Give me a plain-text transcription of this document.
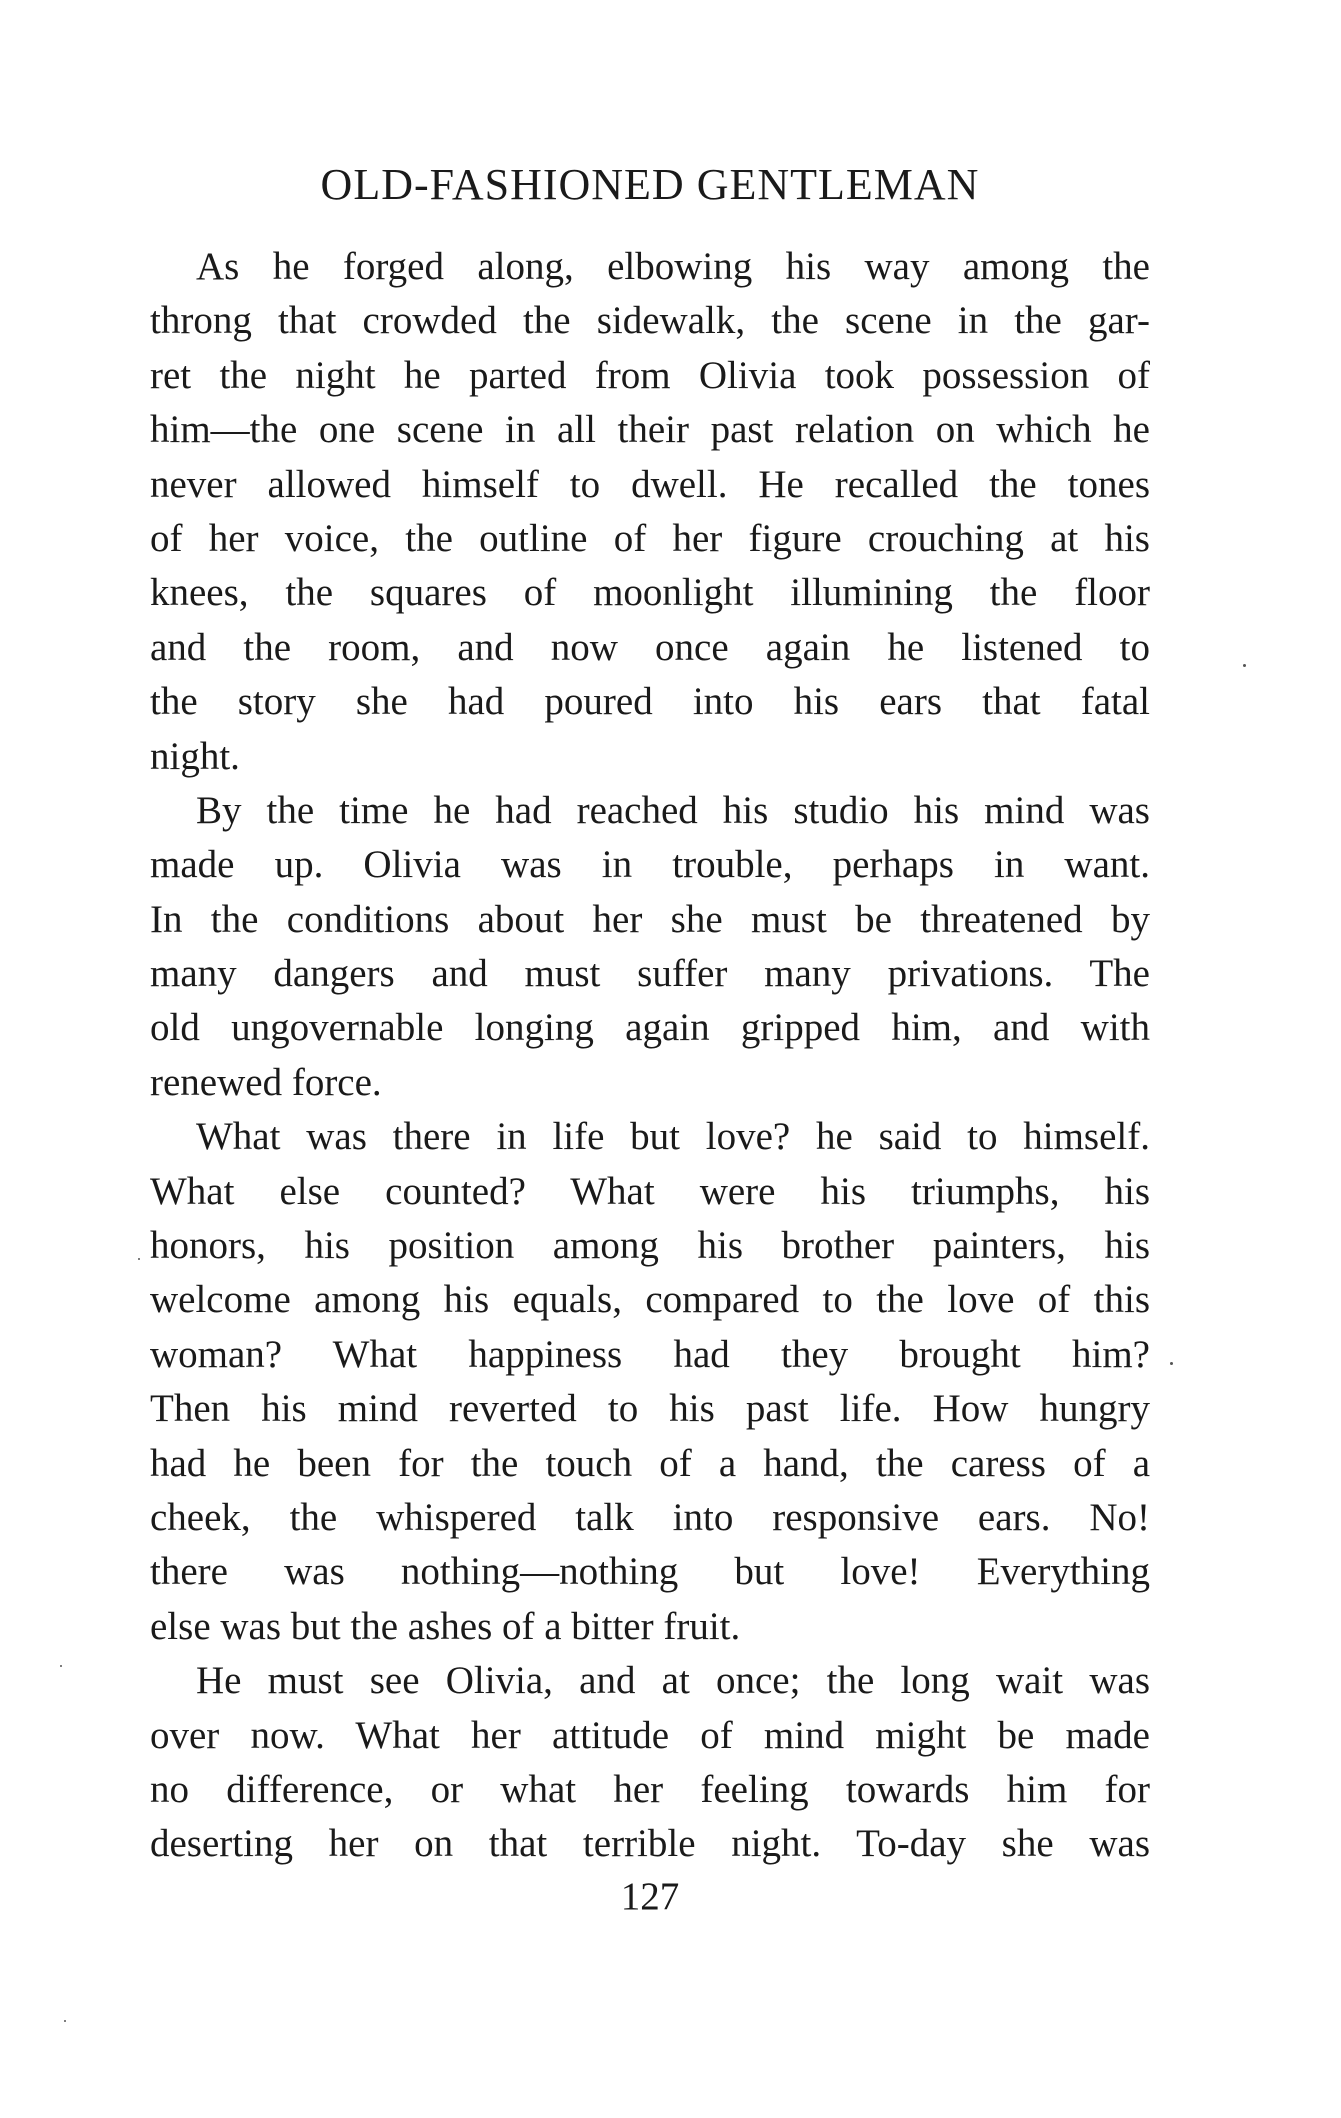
OLD-FASHIONED GENTLEMAN
As he forged along, elbowing his way among the
throng that crowded the sidewalk, the scene in the gar-
ret the night he parted from Olivia took possession of
him—the one scene in all their past relation on which he
never allowed himself to dwell. He recalled the tones
of her voice, the outline of her figure crouching at his
knees, the squares of moonlight illumining the floor
and the room, and now once again he listened to
the story she had poured into his ears that fatal
night.
By the time he had reached his studio his mind was
made up. Olivia was in trouble, perhaps in want.
In the conditions about her she must be threatened by
many dangers and must suffer many privations. The
old ungovernable longing again gripped him, and with
renewed force.
What was there in life but love? he said to himself.
What else counted? What were his triumphs, his
honors, his position among his brother painters, his
welcome among his equals, compared to the love of this
woman? What happiness had they brought him?
Then his mind reverted to his past life. How hungry
had he been for the touch of a hand, the caress of a
cheek, the whispered talk into responsive ears. No!
there was nothing—nothing but love! Everything
else was but the ashes of a bitter fruit.
He must see Olivia, and at once; the long wait was
over now. What her attitude of mind might be made
no difference, or what her feeling towards him for
deserting her on that terrible night. To-day she was
127
